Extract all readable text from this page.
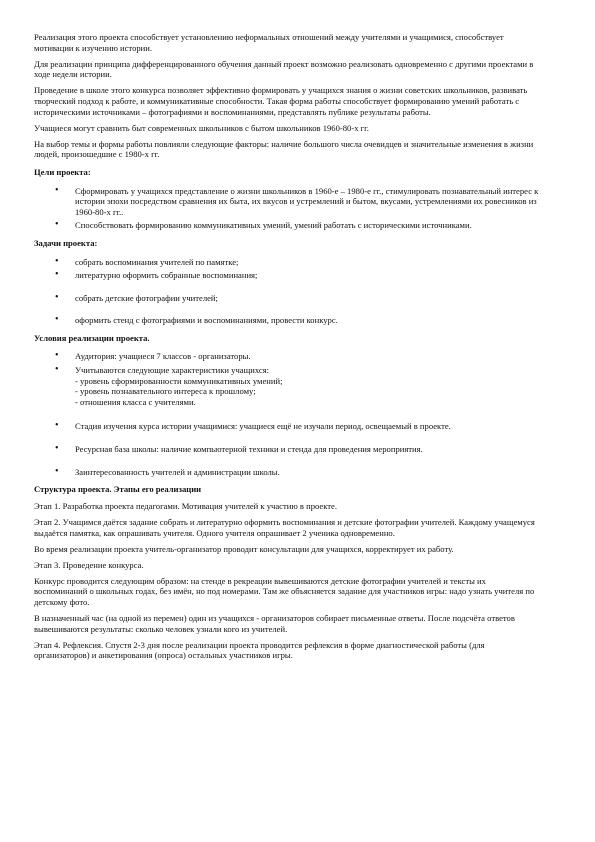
Реализация этого проекта способствует установлению неформальных отношений между учителями и учащимися, способствует мотивации к изучению истории.

Для реализации принципа дифференцированного обучения данный проект возможно реализовать одновременно с другими проектами в ходе недели истории.

Проведение в школе этого конкурса позволяет эффективно формировать у учащихся знания о жизни советских школьников, развивать творческий подход к работе, и коммуникативные способности. Такая форма работы способствует формированию умений работать с историческими источниками – фотографиями и воспоминаниями, представлять публике результаты работы.

Учащиеся могут сравнить быт современных школьников с бытом школьников 1960-80-х гг.

На выбор темы и формы работы повлияли следующие факторы: наличие большого числа очевидцев и значительные изменения в жизни людей, произошедшие с 1980-х гг.

Цели проекта:
• Сформировать у учащихся представление о жизни школьников в 1960-е – 1980-е гг., стимулировать познавательный интерес к истории эпохи посредством сравнения их быта, их вкусов и устремлений и бытом, вкусами, устремлениями их ровесников из 1960-80-х гг..
• Способствовать формированию коммуникативных умений, умений работать с историческими источниками.
Задачи проекта:
• собрать воспоминания учителей по памятке;
• литературно оформить собранные воспоминания;
• собрать детские фотографии учителей;
• оформить стенд с фотографиями и воспоминаниями, провести конкурс.
Условия реализации проекта.
• Аудитория: учащиеся 7 классов - организаторы.
• Учитываются следующие характеристики учащихся:
- уровень сформированности коммуникативных умений;
- уровень познавательного интереса к прошлому;
- отношения класса с учителями.
• Стадия изучения курса истории учащимися: учащиеся ещё не изучали период, освещаемый в проекте.
• Ресурсная база школы: наличие компьютерной техники и стенда для проведения мероприятия.
• Заинтересованность учителей и администрации школы.
Структура проекта. Этапы его реализации

Этап 1. Разработка проекта педагогами. Мотивация учителей к участию в проекте.

Этап 2. Учащимся даётся задание собрать и литературно оформить воспоминания и детские фотографии учителей. Каждому учащемуся выдаётся памятка, как опрашивать учителя. Одного учителя опрашивает 2 ученика одновременно.

Во время реализации проекта учитель-организатор проводит консультации для учащихся, корректирует их работу.

Этап 3. Проведение конкурса.

Конкурс проводится следующим образом: на стенде в рекреации вывешиваются детские фотографии учителей и тексты их воспоминаний о школьных годах, без имён, но под номерами. Там же объясняется задание для участников игры: надо узнать учителя по детскому фото.

В назначенный час (на одной из перемен) один из учащихся - организаторов собирает письменные ответы. После подсчёта ответов вывешиваются результаты: сколько человек узнали кого из учителей.

Этап 4. Рефлексия. Спустя 2-3 дня после реализации проекта проводится рефлексия в форме диагностической работы (для организаторов) и анкетирования (опроса) остальных участников игры.
